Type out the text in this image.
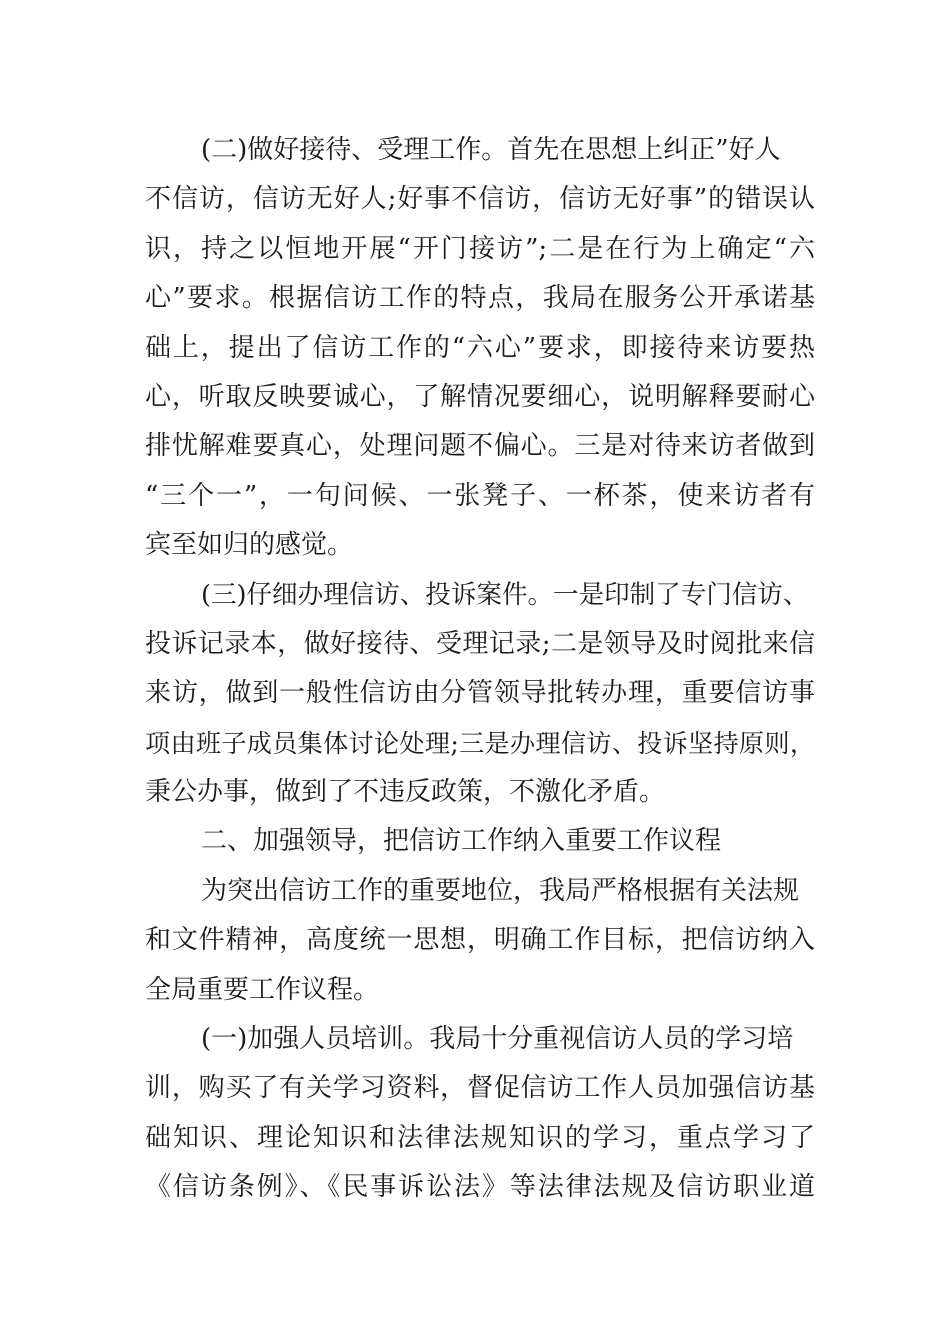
(二)做好接待、受理工作。首先在思想上纠正”好人
不信访，信访无好人;好事不信访，信访无好事”的错误认
识，持之以恒地开展“开门接访”;二是在行为上确定“六
心”要求。根据信访工作的特点，我局在服务公开承诺基
础上，提出了信访工作的“六心”要求，即接待来访要热
心，听取反映要诚心，了解情况要细心，说明解释要耐心
排忧解难要真心，处理问题不偏心。三是对待来访者做到
“三个一”，一句问候、一张凳子、一杯茶，使来访者有
宾至如归的感觉。
(三)仔细办理信访、投诉案件。一是印制了专门信访、
投诉记录本，做好接待、受理记录;二是领导及时阅批来信
来访，做到一般性信访由分管领导批转办理，重要信访事
项由班子成员集体讨论处理;三是办理信访、投诉坚持原则，
秉公办事，做到了不违反政策，不激化矛盾。
二、加强领导，把信访工作纳入重要工作议程
为突出信访工作的重要地位，我局严格根据有关法规
和文件精神，高度统一思想，明确工作目标，把信访纳入
全局重要工作议程。
(一)加强人员培训。我局十分重视信访人员的学习培
训，购买了有关学习资料，督促信访工作人员加强信访基
础知识、理论知识和法律法规知识的学习，重点学习了
《信访条例》、《民事诉讼法》等法律法规及信访职业道
